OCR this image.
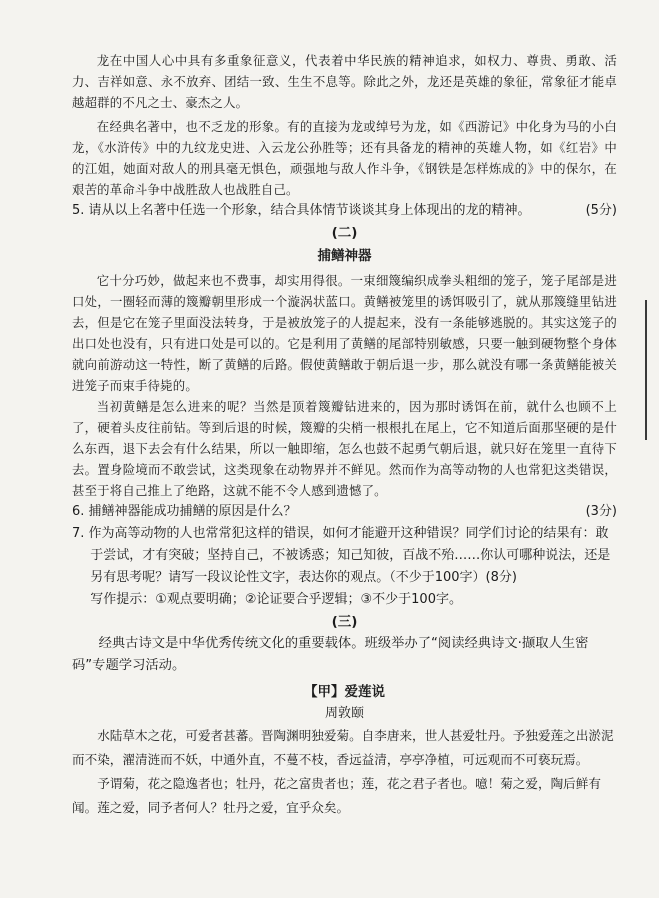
龙在中国人心中具有多重象征意义，代表着中华民族的精神追求，如权力、尊贵、勇敢、活力、吉祥如意、永不放弃、团结一致、生生不息等。除此之外，龙还是英雄的象征，常象征才能卓越超群的不凡之士、豪杰之人。

在经典名著中，也不乏龙的形象。有的直接为龙或绰号为龙，如《西游记》中化身为马的小白龙，《水浒传》中的九纹龙史进、入云龙公孙胜等；还有具备龙的精神的英雄人物，如《红岩》中的江姐，她面对敌人的刑具毫无惧色，顽强地与敌人作斗争，《钢铁是怎样炼成的》中的保尔，在艰苦的革命斗争中战胜敌人也战胜自己。

5. 请从以上名著中任选一个形象，结合具体情节谈谈其身上体现出的龙的精神。	(5分)

(二)

捕鳝神器

它十分巧妙，做起来也不费事，却实用得很。一束细篾编织成拳头粗细的笼子，笼子尾部是进口处，一圈轻而薄的篾瓣朝里形成一个漩涡状蓝口。黄鳝被笼里的诱饵吸引了，就从那篾缝里钻进去，但是它在笼子里面没法转身，于是被放笼子的人提起来，没有一条能够逃脱的。其实这笼子的出口处也没有，只有进口处是可以的。它是利用了黄鳝的尾部特别敏感，只要一触到硬物整个身体就向前游动这一特性，断了黄鳝的后路。假使黄鳝敢于朝后退一步，那么就没有哪一条黄鳝能被关进笼子而束手待毙的。

当初黄鳝是怎么进来的呢？当然是顶着篾瓣钻进来的，因为那时诱饵在前，就什么也顾不上了，硬着头皮往前钻。等到后退的时候，篾瓣的尖梢一根根扎在尾上，它不知道后面那坚硬的是什么东西，退下去会有什么结果，所以一触即缩，怎么也鼓不起勇气朝后退，就只好在笼里一直待下去。置身险境而不敢尝试，这类现象在动物界并不鲜见。然而作为高等动物的人也常犯这类错误，甚至于将自己推上了绝路，这就不能不令人感到遗憾了。

6. 捕鳝神器能成功捕鳝的原因是什么？	(3分)

7. 作为高等动物的人也常常犯这样的错误，如何才能避开这种错误？同学们讨论的结果有：敢于尝试，才有突破；坚持自己，不被诱惑；知己知彼，百战不殆……你认可哪种说法，还是另有思考呢？请写一段议论性文字，表达你的观点。（不少于100字）(8分)

写作提示：①观点要明确；②论证要合乎逻辑；③不少于100字。

(三)

经典古诗文是中华优秀传统文化的重要载体。班级举办了“阅读经典诗文·撷取人生密码”专题学习活动。

【甲】爱莲说

周敦颐

水陆草木之花，可爱者甚蕃。晋陶渊明独爱菊。自李唐来，世人甚爱牡丹。予独爱莲之出淤泥而不染，濯清涟而不妖，中通外直，不蔓不枝，香远益清，亭亭净植，可远观而不可亵玩焉。

予谓菊，花之隐逸者也；牡丹，花之富贵者也；莲，花之君子者也。噫！菊之爱，陶后鲜有闻。莲之爱，同予者何人？牡丹之爱，宜乎众矣。
